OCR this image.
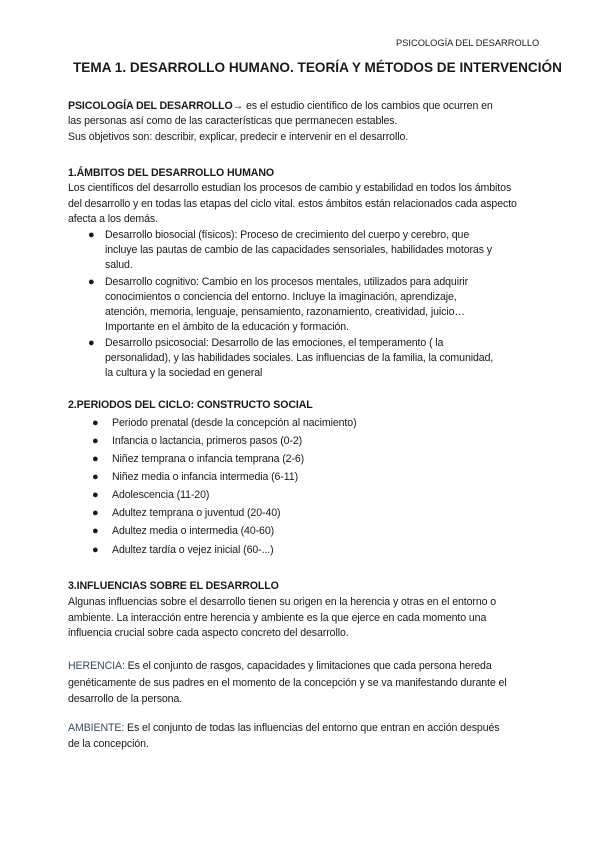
PSICOLOGÍA DEL DESARROLLO
TEMA 1. DESARROLLO HUMANO. TEORÍA Y MÉTODOS DE INTERVENCIÓN
PSICOLOGÍA DEL DESARROLLO→ es el estudio científico de los cambios que ocurren en
las personas así como de las características que permanecen estables.
Sus objetivos son: describir, explicar, predecir e intervenir en el desarrollo.
1.ÁMBITOS DEL DESARROLLO HUMANO
Los científicos del desarrollo estudian los procesos de cambio y estabilidad en todos los ámbitos
del desarrollo y en todas las etapas del ciclo vital. estos ámbitos están relacionados cada aspecto
afecta a los demás.
● Desarrollo biosocial (físicos): Proceso de crecimiento del cuerpo y cerebro, que
incluye las pautas de cambio de las capacidades sensoriales, habilidades motoras y
salud.
● Desarrollo cognitivo: Cambio en los procesos mentales, utilizados para adquirir
conocimientos o conciencia del entorno. Incluye la imaginación, aprendizaje,
atención, memoria, lenguaje, pensamiento, razonamiento, creatividad, juicio…
Importante en el ámbito de la educación y formación.
● Desarrollo psicosocial: Desarrollo de las emociones, el temperamento ( la
personalidad), y las habilidades sociales. Las influencias de la familia, la comunidad,
la cultura y la sociedad en general
2.PERIODOS DEL CICLO: CONSTRUCTO SOCIAL
● Periodo prenatal (desde la concepción al nacimiento)
● Infancia o lactancia, primeros pasos (0-2)
● Niñez temprana o infancia temprana (2-6)
● Niñez media o infancia intermedia (6-11)
● Adolescencia (11-20)
● Adultez temprana o juventud (20-40)
● Adultez media o intermedia (40-60)
● Adultez tardía o vejez inicial (60-...)
3.INFLUENCIAS SOBRE EL DESARROLLO
Algunas influencias sobre el desarrollo tienen su origen en la herencia y otras en el entorno o
ambiente. La interacción entre herencia y ambiente es la que ejerce en cada momento una
influencia crucial sobre cada aspecto concreto del desarrollo.
HERENCIA: Es el conjunto de rasgos, capacidades y limitaciones que cada persona hereda
genéticamente de sus padres en el momento de la concepción y se va manifestando durante el
desarrollo de la persona.
AMBIENTE: Es el conjunto de todas las influencias del entorno que entran en acción después
de la concepción.
